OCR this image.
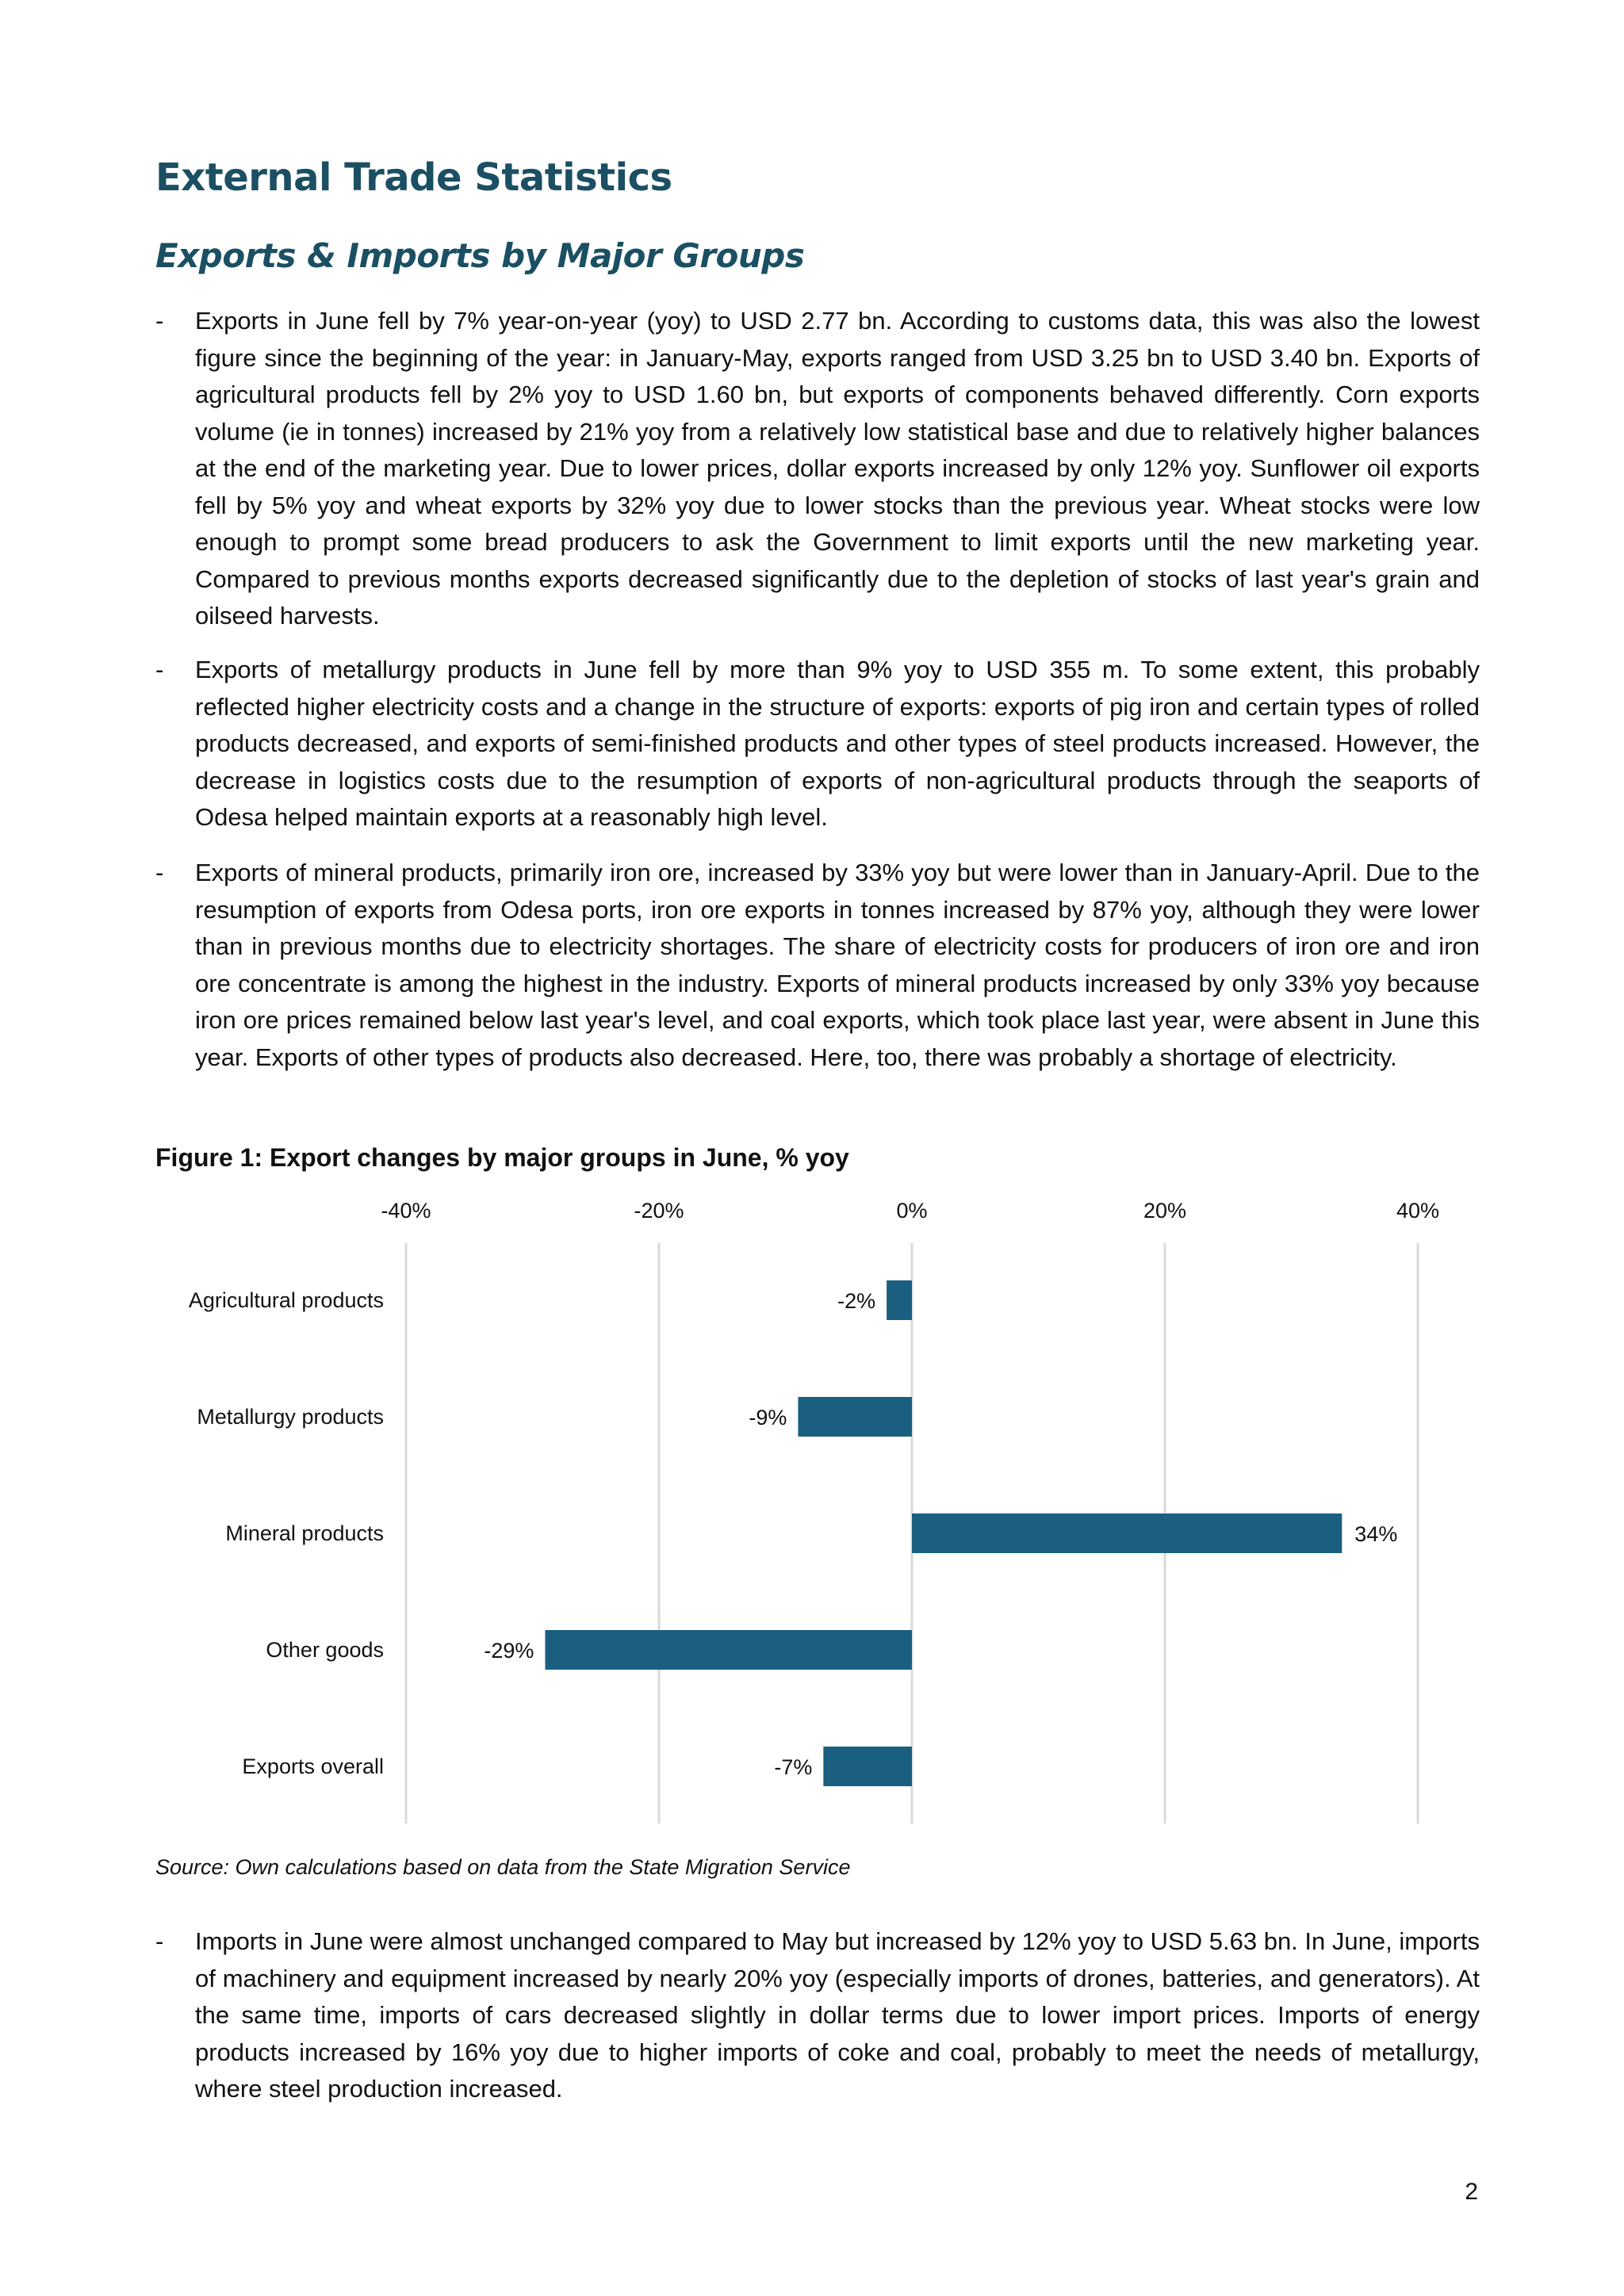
External Trade Statistics
Exports & Imports by Major Groups
-	Exports in June fell by 7% year-on-year (yoy) to USD 2.77 bn. According to customs data, this was also the lowest figure since the beginning of the year: in January-May, exports ranged from USD 3.25 bn to USD 3.40 bn. Exports of agricultural products fell by 2% yoy to USD 1.60 bn, but exports of components behaved differently. Corn exports volume (ie in tonnes) increased by 21% yoy from a relatively low statistical base and due to relatively higher balances at the end of the marketing year. Due to lower prices, dollar exports increased by only 12% yoy. Sunflower oil exports fell by 5% yoy and wheat exports by 32% yoy due to lower stocks than the previous year. Wheat stocks were low enough to prompt some bread producers to ask the Government to limit exports until the new marketing year. Compared to previous months exports decreased significantly due to the depletion of stocks of last year's grain and oilseed harvests.
-	Exports of metallurgy products in June fell by more than 9% yoy to USD 355 m. To some extent, this probably reflected higher electricity costs and a change in the structure of exports: exports of pig iron and certain types of rolled products decreased, and exports of semi-finished products and other types of steel products increased. However, the decrease in logistics costs due to the resumption of exports of non-agricultural products through the seaports of Odesa helped maintain exports at a reasonably high level.
-	Exports of mineral products, primarily iron ore, increased by 33% yoy but were lower than in January-April. Due to the resumption of exports from Odesa ports, iron ore exports in tonnes increased by 87% yoy, although they were lower than in previous months due to electricity shortages. The share of electricity costs for producers of iron ore and iron ore concentrate is among the highest in the industry. Exports of mineral products increased by only 33% yoy because iron ore prices remained below last year's level, and coal exports, which took place last year, were absent in June this year. Exports of other types of products also decreased. Here, too, there was probably a shortage of electricity.
Figure 1: Export changes by major groups in June, % yoy
-40%	-20%	0%	20%	40%
Agricultural products	-2%
Metallurgy products	-9%
Mineral products	34%
Other goods	-29%
Exports overall	-7%
Source: Own calculations based on data from the State Migration Service
-	Imports in June were almost unchanged compared to May but increased by 12% yoy to USD 5.63 bn. In June, imports of machinery and equipment increased by nearly 20% yoy (especially imports of drones, batteries, and generators). At the same time, imports of cars decreased slightly in dollar terms due to lower import prices. Imports of energy products increased by 16% yoy due to higher imports of coke and coal, probably to meet the needs of metallurgy, where steel production increased.
2
